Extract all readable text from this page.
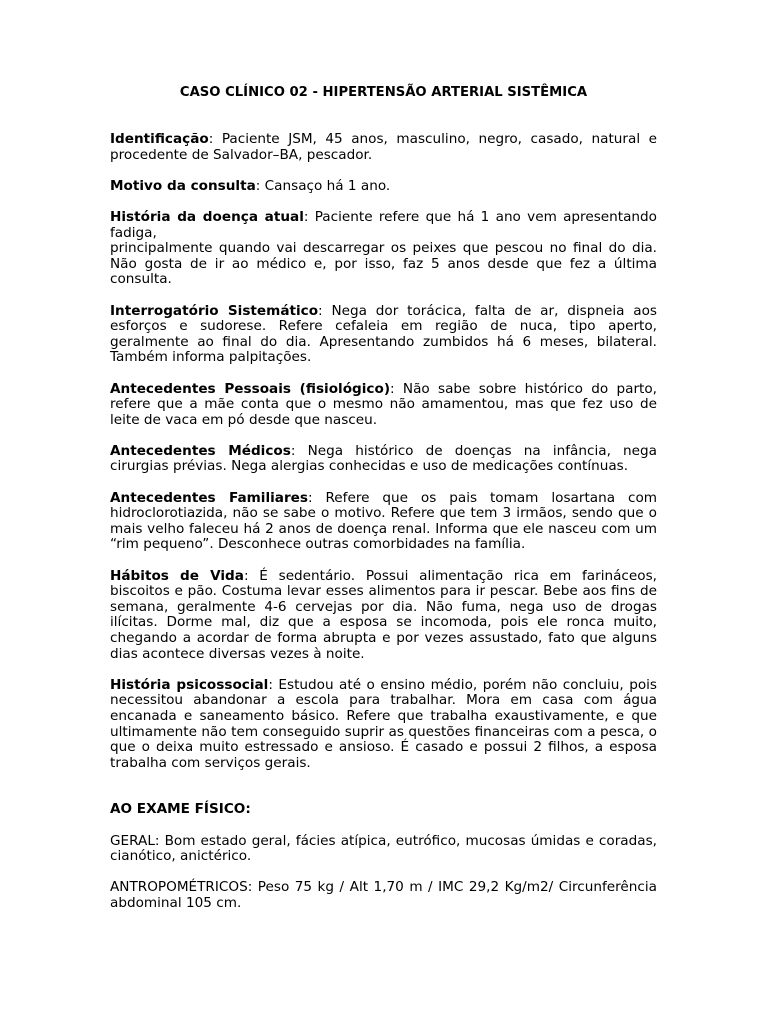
CASO CLÍNICO 02 - HIPERTENSÃO ARTERIAL SISTÊMICA

Identificação: Paciente JSM, 45 anos, masculino, negro, casado, natural e procedente de Salvador–BA, pescador.

Motivo da consulta: Cansaço há 1 ano.

História da doença atual: Paciente refere que há 1 ano vem apresentando fadiga,
principalmente quando vai descarregar os peixes que pescou no final do dia. Não gosta de ir ao médico e, por isso, faz 5 anos desde que fez a última consulta.

Interrogatório Sistemático: Nega dor torácica, falta de ar, dispneia aos esforços e sudorese. Refere cefaleia em região de nuca, tipo aperto, geralmente ao final do dia. Apresentando zumbidos há 6 meses, bilateral. Também informa palpitações.

Antecedentes Pessoais (fisiológico): Não sabe sobre histórico do parto, refere que a mãe conta que o mesmo não amamentou, mas que fez uso de leite de vaca em pó desde que nasceu.

Antecedentes Médicos: Nega histórico de doenças na infância, nega cirurgias prévias. Nega alergias conhecidas e uso de medicações contínuas.

Antecedentes Familiares: Refere que os pais tomam losartana com hidroclorotiazida, não se sabe o motivo. Refere que tem 3 irmãos, sendo que o mais velho faleceu há 2 anos de doença renal. Informa que ele nasceu com um “rim pequeno”. Desconhece outras comorbidades na família.

Hábitos de Vida: É sedentário. Possui alimentação rica em farináceos, biscoitos e pão. Costuma levar esses alimentos para ir pescar. Bebe aos fins de semana, geralmente 4-6 cervejas por dia. Não fuma, nega uso de drogas ilícitas. Dorme mal, diz que a esposa se incomoda, pois ele ronca muito, chegando a acordar de forma abrupta e por vezes assustado, fato que alguns dias acontece diversas vezes à noite.

História psicossocial: Estudou até o ensino médio, porém não concluiu, pois necessitou abandonar a escola para trabalhar. Mora em casa com água encanada e saneamento básico. Refere que trabalha exaustivamente, e que ultimamente não tem conseguido suprir as questões financeiras com a pesca, o que o deixa muito estressado e ansioso. É casado e possui 2 filhos, a esposa trabalha com serviços gerais.

AO EXAME FÍSICO:

GERAL: Bom estado geral, fácies atípica, eutrófico, mucosas úmidas e coradas, cianótico, anictérico.

ANTROPOMÉTRICOS: Peso 75 kg / Alt 1,70 m / IMC 29,2 Kg/m2/ Circunferência abdominal 105 cm.
